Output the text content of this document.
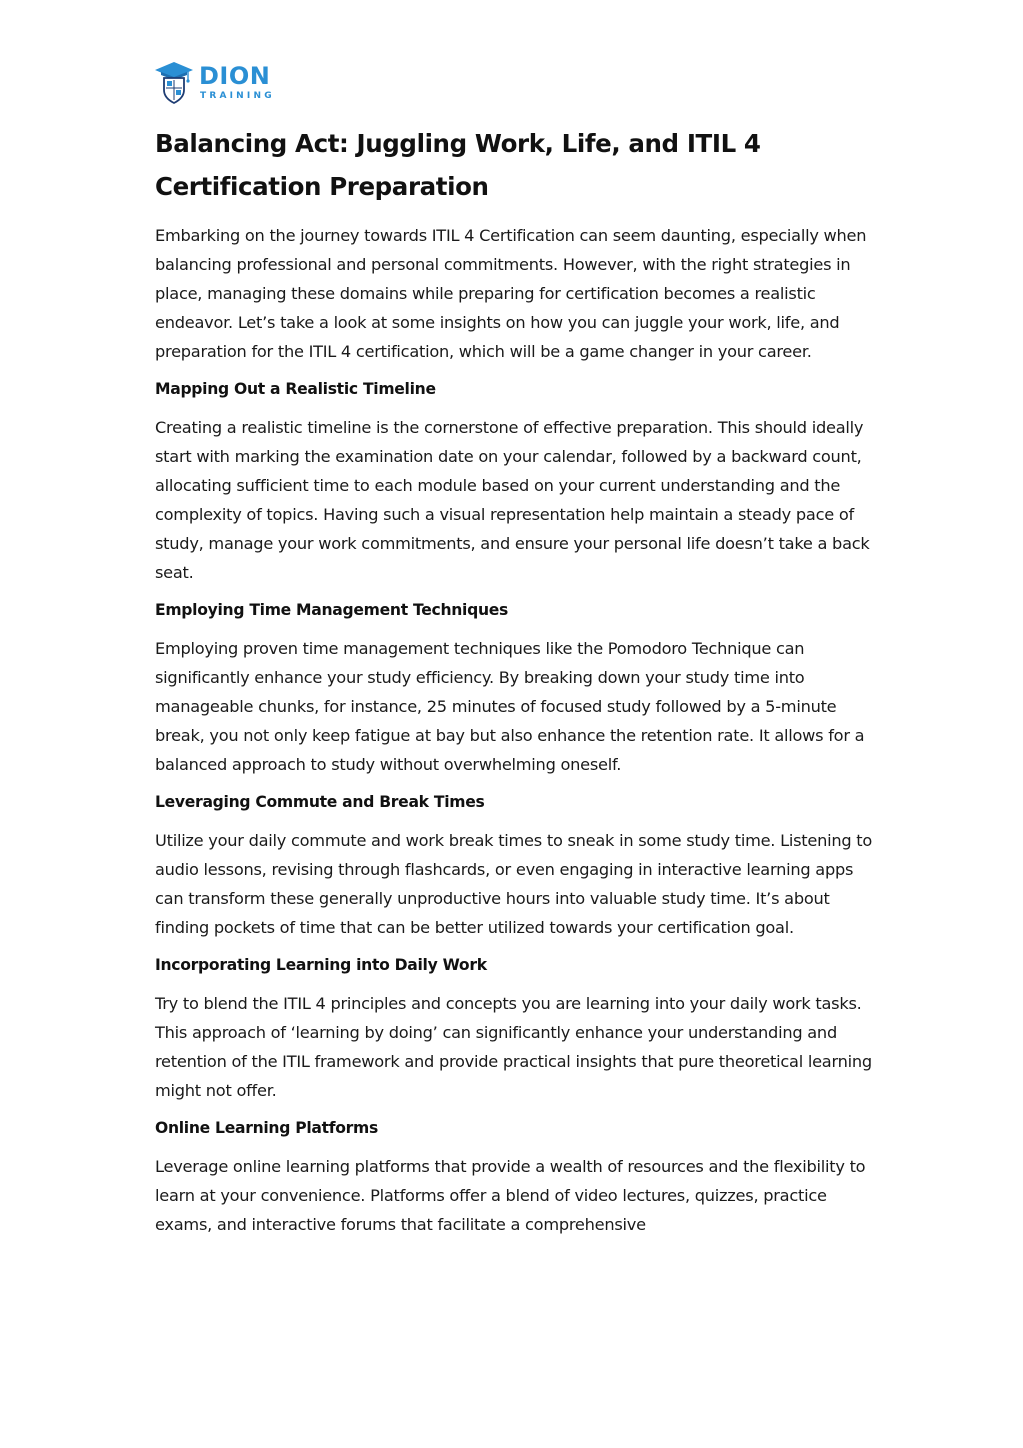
DION
TRAINING
Balancing Act: Juggling Work, Life, and ITIL 4 Certification Preparation

Embarking on the journey towards ITIL 4 Certification can seem daunting, especially when balancing professional and personal commitments. However, with the right strategies in place, managing these domains while preparing for certification becomes a realistic endeavor. Let’s take a look at some insights on how you can juggle your work, life, and preparation for the ITIL 4 certification, which will be a game changer in your career.

Mapping Out a Realistic Timeline

Creating a realistic timeline is the cornerstone of effective preparation. This should ideally start with marking the examination date on your calendar, followed by a backward count, allocating sufficient time to each module based on your current understanding and the complexity of topics. Having such a visual representation help maintain a steady pace of study, manage your work commitments, and ensure your personal life doesn’t take a back seat.

Employing Time Management Techniques

Employing proven time management techniques like the Pomodoro Technique can significantly enhance your study efficiency. By breaking down your study time into manageable chunks, for instance, 25 minutes of focused study followed by a 5-minute break, you not only keep fatigue at bay but also enhance the retention rate. It allows for a balanced approach to study without overwhelming oneself.

Leveraging Commute and Break Times

Utilize your daily commute and work break times to sneak in some study time. Listening to audio lessons, revising through flashcards, or even engaging in interactive learning apps can transform these generally unproductive hours into valuable study time. It’s about finding pockets of time that can be better utilized towards your certification goal.

Incorporating Learning into Daily Work

Try to blend the ITIL 4 principles and concepts you are learning into your daily work tasks. This approach of ‘learning by doing’ can significantly enhance your understanding and retention of the ITIL framework and provide practical insights that pure theoretical learning might not offer.

Online Learning Platforms

Leverage online learning platforms that provide a wealth of resources and the flexibility to learn at your convenience. Platforms offer a blend of video lectures, quizzes, practice exams, and interactive forums that facilitate a comprehensive
